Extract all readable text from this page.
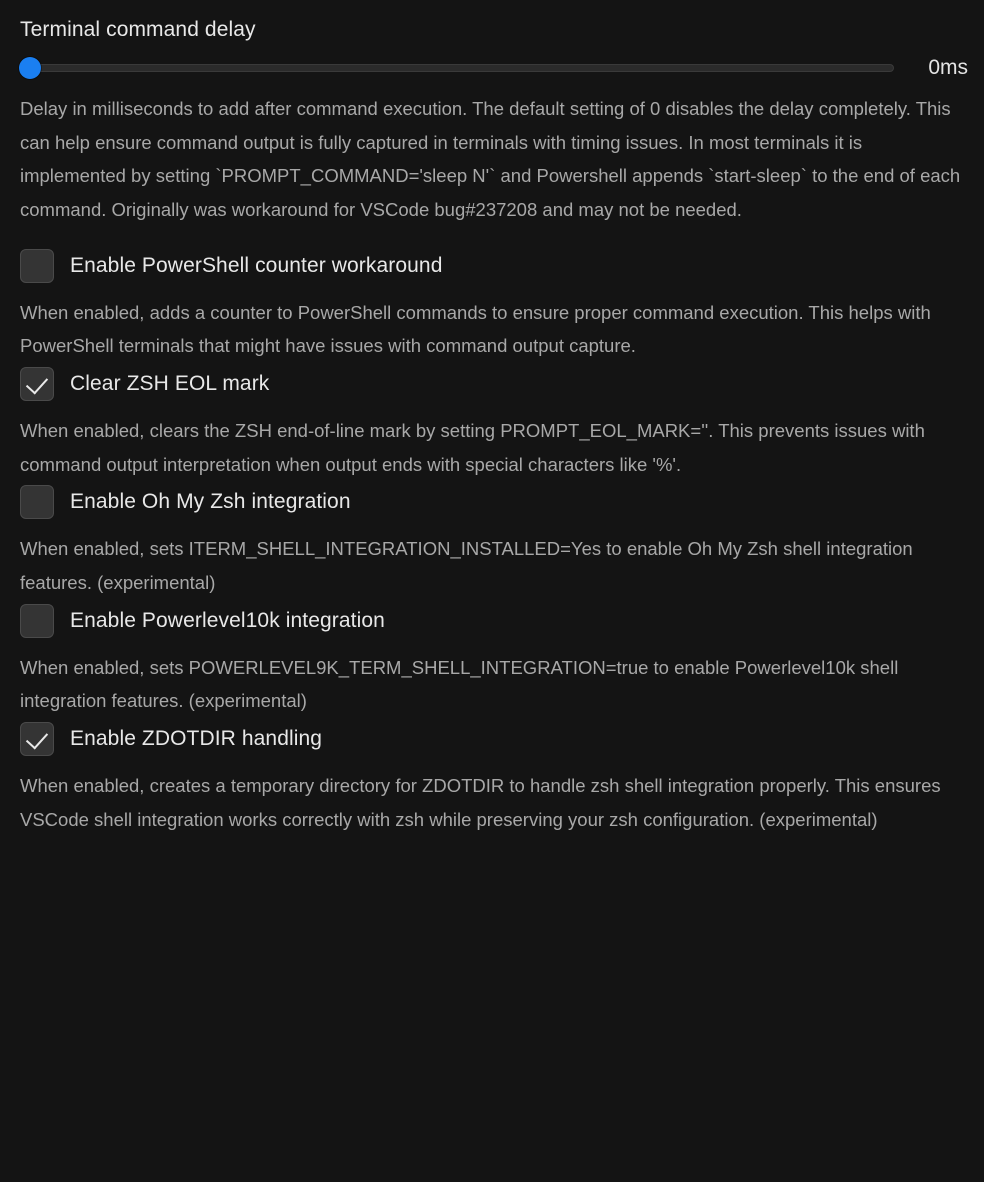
Terminal command delay
0ms

Delay in milliseconds to add after command execution. The default setting of 0 disables the delay completely. This can help ensure command output is fully captured in terminals with timing issues. In most terminals it is implemented by setting `PROMPT_COMMAND='sleep N'` and Powershell appends `start-sleep` to the end of each command. Originally was workaround for VSCode bug#237208 and may not be needed.

Enable PowerShell counter workaround

When enabled, adds a counter to PowerShell commands to ensure proper command execution. This helps with PowerShell terminals that might have issues with command output capture.

Clear ZSH EOL mark

When enabled, clears the ZSH end-of-line mark by setting PROMPT_EOL_MARK=''. This prevents issues with command output interpretation when output ends with special characters like '%'.

Enable Oh My Zsh integration

When enabled, sets ITERM_SHELL_INTEGRATION_INSTALLED=Yes to enable Oh My Zsh shell integration features. (experimental)

Enable Powerlevel10k integration

When enabled, sets POWERLEVEL9K_TERM_SHELL_INTEGRATION=true to enable Powerlevel10k shell integration features. (experimental)

Enable ZDOTDIR handling

When enabled, creates a temporary directory for ZDOTDIR to handle zsh shell integration properly. This ensures VSCode shell integration works correctly with zsh while preserving your zsh configuration. (experimental)
